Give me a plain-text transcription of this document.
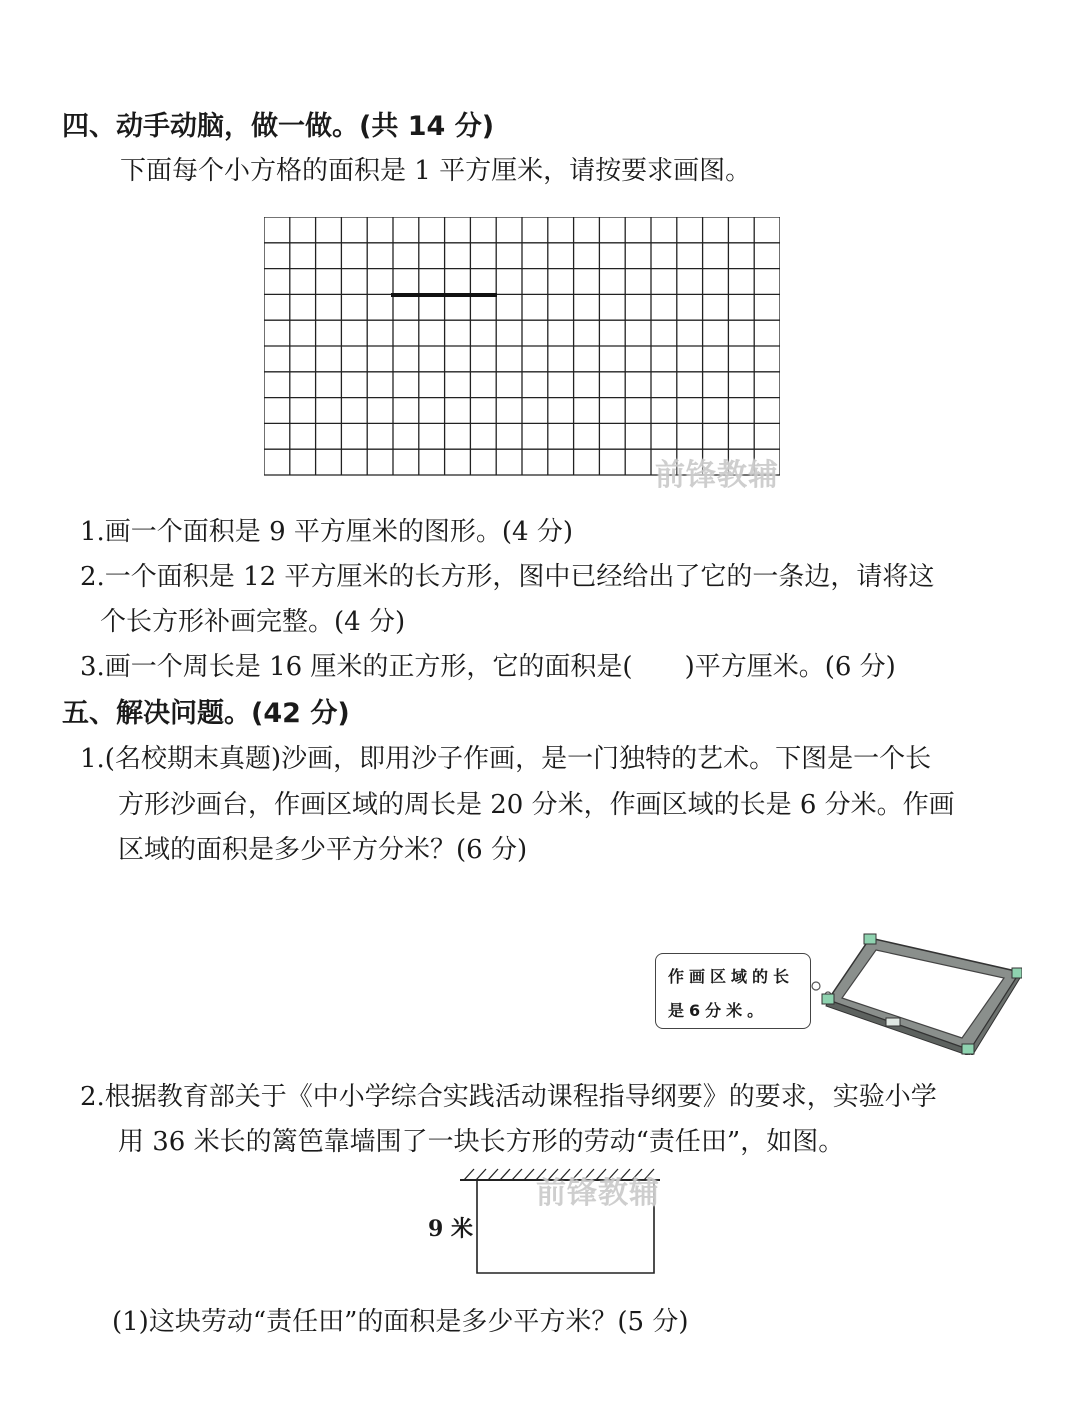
四、动手动脑，做一做。(共 14 分)
下面每个小方格的面积是 1 平方厘米，请按要求画图。
前锋教辅
1.画一个面积是 9 平方厘米的图形。(4 分)
2.一个面积是 12 平方厘米的长方形，图中已经给出了它的一条边，请将这
个长方形补画完整。(4 分)
3.画一个周长是 16 厘米的正方形，它的面积是( )平方厘米。(6 分)
五、解决问题。(42 分)
1.(名校期末真题)沙画，即用沙子作画，是一门独特的艺术。下图是一个长
方形沙画台，作画区域的周长是 20 分米，作画区域的长是 6 分米。作画
区域的面积是多少平方分米？(6 分)
作画区域的长
是6分米。
2.根据教育部关于《中小学综合实践活动课程指导纲要》的要求，实验小学
用 36 米长的篱笆靠墙围了一块长方形的劳动“责任田”，如图。
9 米
前锋教辅
(1)这块劳动“责任田”的面积是多少平方米？(5 分)
